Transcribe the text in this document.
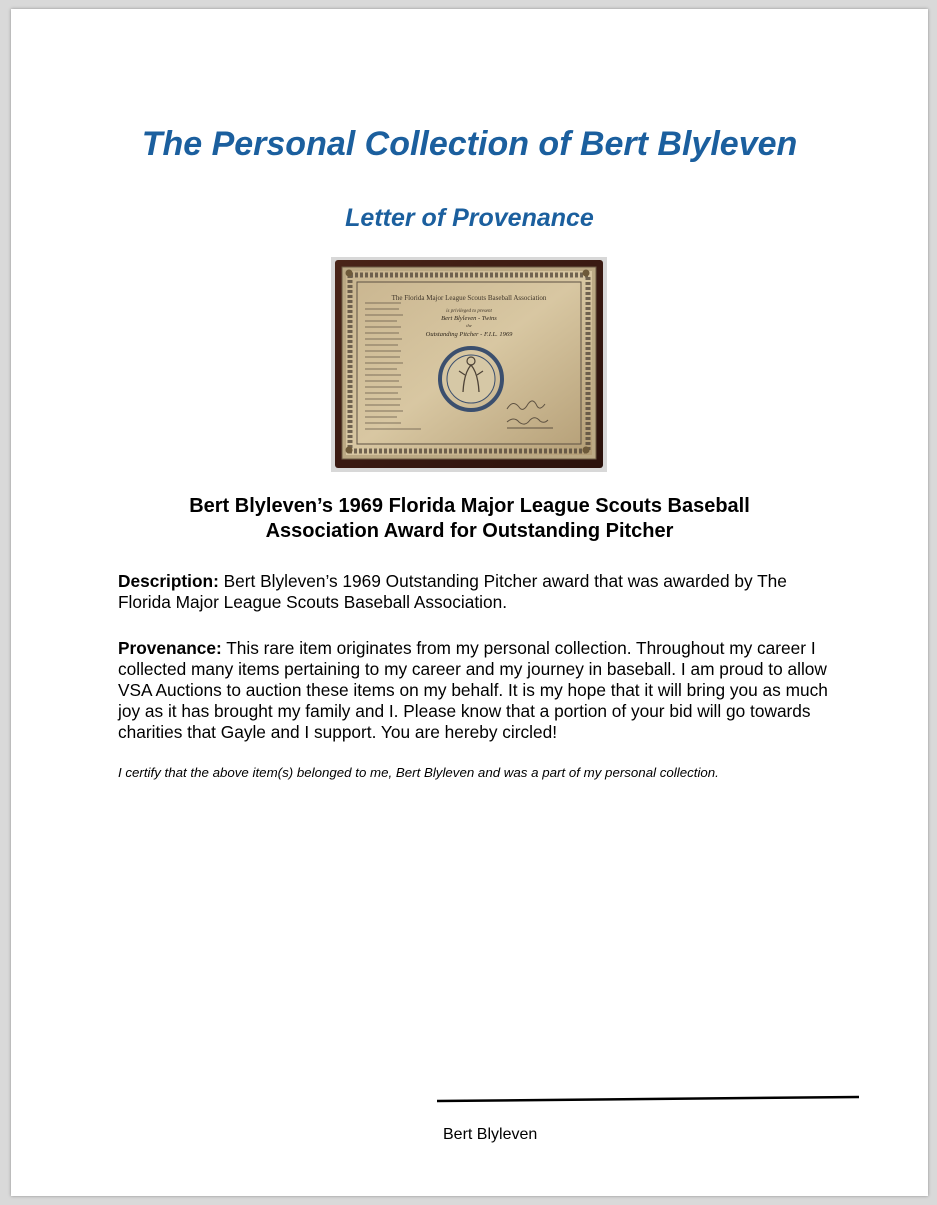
The Personal Collection of Bert Blyleven
Letter of Provenance
The Florida Major League Scouts Baseball Association
is privileged to present
Bert Blyleven - Twins
the
Outstanding Pitcher - F.I.L. 1969

Bert Blyleven’s 1969 Florida Major League Scouts Baseball
Association Award for Outstanding Pitcher

Description: Bert Blyleven’s 1969 Outstanding Pitcher award that was awarded by The Florida Major League Scouts Baseball Association.

Provenance: This rare item originates from my personal collection. Throughout my career I collected many items pertaining to my career and my journey in baseball. I am proud to allow VSA Auctions to auction these items on my behalf. It is my hope that it will bring you as much joy as it has brought my family and I. Please know that a portion of your bid will go towards charities that Gayle and I support. You are hereby circled!

I certify that the above item(s) belonged to me, Bert Blyleven and was a part of my personal collection.

Bert Blyleven
